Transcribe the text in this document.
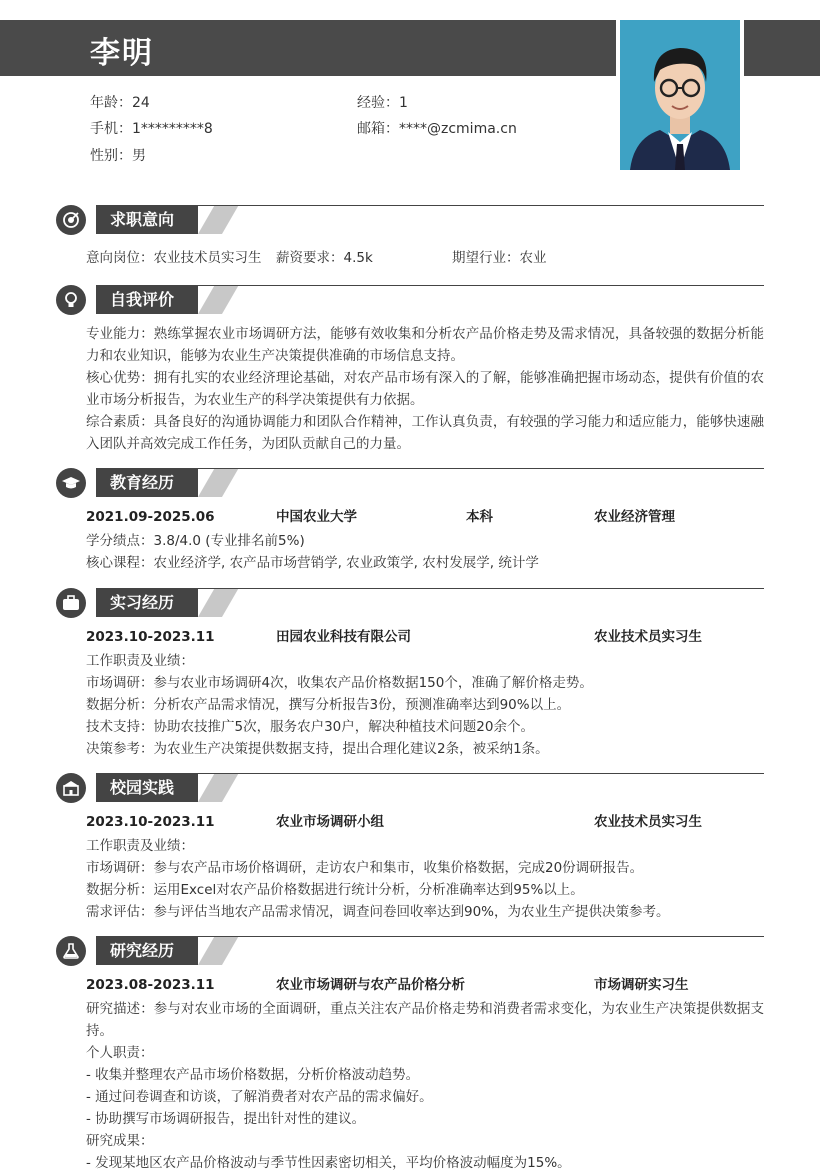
李明
年龄：24	经验：1
手机：1*********8	邮箱：****@zcmima.cn
性别：男
求职意向
意向岗位：农业技术员实习生 薪资要求：4.5k	期望行业：农业
自我评价
专业能力：熟练掌握农业市场调研方法，能够有效收集和分析农产品价格走势及需求情况，具备较强的数据分析能力和农业知识，能够为农业生产决策提供准确的市场信息支持。
核心优势：拥有扎实的农业经济理论基础，对农产品市场有深入的了解，能够准确把握市场动态，提供有价值的农业市场分析报告，为农业生产的科学决策提供有力依据。
综合素质：具备良好的沟通协调能力和团队合作精神，工作认真负责，有较强的学习能力和适应能力，能够快速融入团队并高效完成工作任务，为团队贡献自己的力量。
教育经历
2021.09-2025.06	中国农业大学	本科	农业经济管理
学分绩点：3.8/4.0 (专业排名前5%)
核心课程：农业经济学, 农产品市场营销学, 农业政策学, 农村发展学, 统计学
实习经历
2023.10-2023.11	田园农业科技有限公司	农业技术员实习生
工作职责及业绩：
市场调研：参与农业市场调研4次，收集农产品价格数据150个，准确了解价格走势。
数据分析：分析农产品需求情况，撰写分析报告3份，预测准确率达到90%以上。
技术支持：协助农技推广5次，服务农户30户，解决种植技术问题20余个。
决策参考：为农业生产决策提供数据支持，提出合理化建议2条，被采纳1条。
校园实践
2023.10-2023.11	农业市场调研小组	农业技术员实习生
工作职责及业绩：
市场调研：参与农产品市场价格调研，走访农户和集市，收集价格数据，完成20份调研报告。
数据分析：运用Excel对农产品价格数据进行统计分析，分析准确率达到95%以上。
需求评估：参与评估当地农产品需求情况，调查问卷回收率达到90%，为农业生产提供决策参考。
研究经历
2023.08-2023.11	农业市场调研与农产品价格分析	市场调研实习生
研究描述：参与对农业市场的全面调研，重点关注农产品价格走势和消费者需求变化，为农业生产决策提供数据支持。
个人职责：
- 收集并整理农产品市场价格数据，分析价格波动趋势。
- 通过问卷调查和访谈，了解消费者对农产品的需求偏好。
- 协助撰写市场调研报告，提出针对性的建议。
研究成果：
- 发现某地区农产品价格波动与季节性因素密切相关，平均价格波动幅度为15%。
